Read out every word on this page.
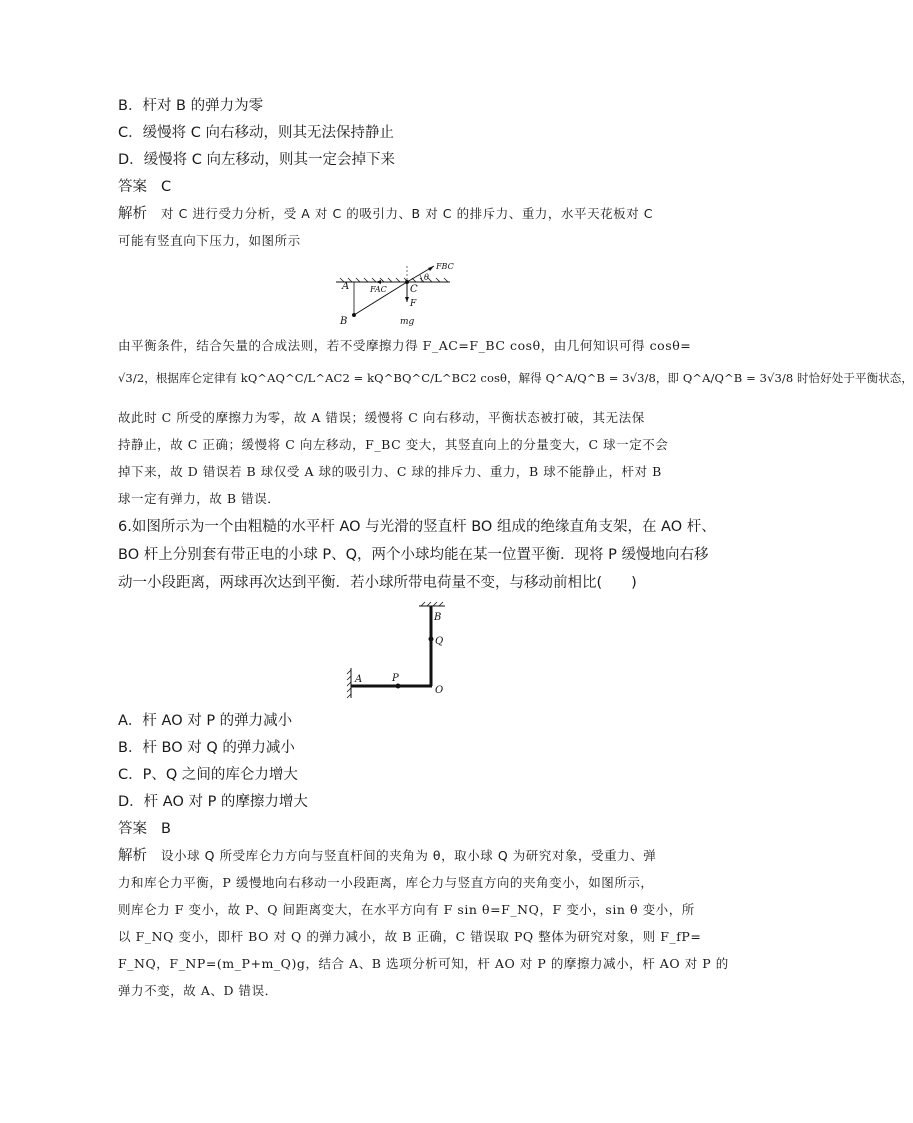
B．杆对 B 的弹力为零
C．缓慢将 C 向右移动，则其无法保持静止
D．缓慢将 C 向左移动，则其一定会掉下来
答案 C
解析 对 C 进行受力分析，受 A 对 C 的吸引力、B 对 C 的排斥力、重力，水平天花板对 C
可能有竖直向下压力，如图所示
A
B
C
FBC
FAC
F
mg
θ
由平衡条件，结合矢量的合成法则，若不受摩擦力得 F_AC=F_BC cosθ，由几何知识可得 cosθ=
√3/2，根据库仑定律有 kQ^AQ^C/L^AC2 = kQ^BQ^C/L^BC2 cosθ，解得 Q^A/Q^B = 3√3/8，即 Q^A/Q^B = 3√3/8 时恰好处于平衡状态，
故此时 C 所受的摩擦力为零，故 A 错误；缓慢将 C 向右移动，平衡状态被打破，其无法保
持静止，故 C 正确；缓慢将 C 向左移动，F_BC 变大，其竖直向上的分量变大，C 球一定不会
掉下来，故 D 错误若 B 球仅受 A 球的吸引力、C 球的排斥力、重力，B 球不能静止，杆对 B
球一定有弹力，故 B 错误．
6.如图所示为一个由粗糙的水平杆 AO 与光滑的竖直杆 BO 组成的绝缘直角支架，在 AO 杆、
BO 杆上分别套有带正电的小球 P、Q，两个小球均能在某一位置平衡．现将 P 缓慢地向右移
动一小段距离，两球再次达到平衡．若小球所带电荷量不变，与移动前相比(　　)
A	P
O
B
Q
A．杆 AO 对 P 的弹力减小
B．杆 BO 对 Q 的弹力减小
C．P、Q 之间的库仑力增大
D．杆 AO 对 P 的摩擦力增大
答案 B
解析 设小球 Q 所受库仑力方向与竖直杆间的夹角为 θ，取小球 Q 为研究对象，受重力、弹
力和库仑力平衡，P 缓慢地向右移动一小段距离，库仑力与竖直方向的夹角变小，如图所示，
则库仑力 F 变小，故 P、Q 间距离变大，在水平方向有 F sin θ=F_NQ，F 变小，sin θ 变小，所
以 F_NQ 变小，即杆 BO 对 Q 的弹力减小，故 B 正确，C 错误取 PQ 整体为研究对象，则 F_fP=
F_NQ，F_NP=(m_P+m_Q)g，结合 A、B 选项分析可知，杆 AO 对 P 的摩擦力减小，杆 AO 对 P 的
弹力不变，故 A、D 错误．
